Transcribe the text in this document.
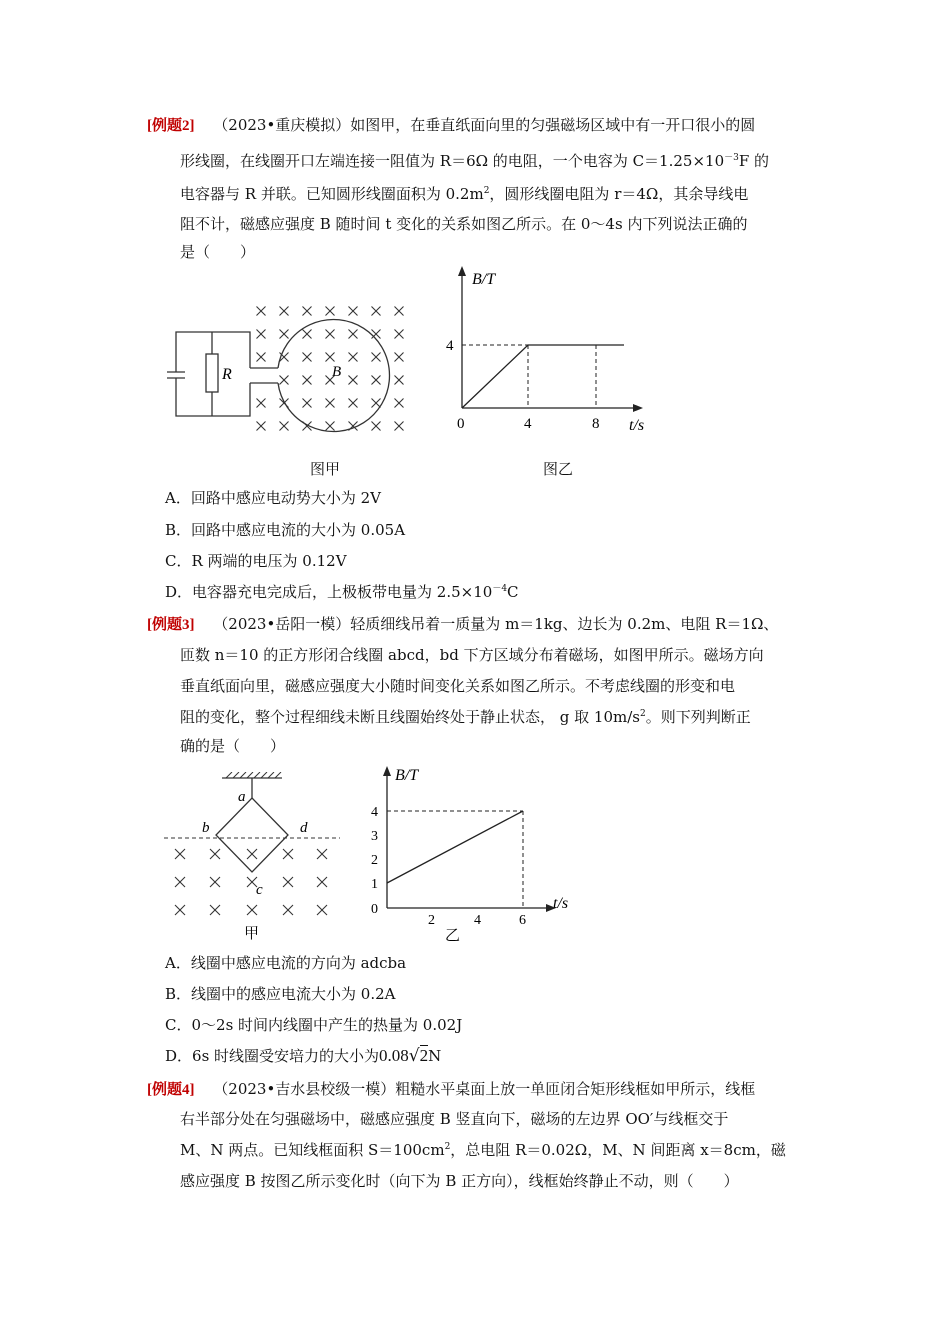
[例题2] （2023•重庆模拟）如图甲，在垂直纸面向里的匀强磁场区域中有一开口很小的圆
形线圈，在线圈开口左端连接一阻值为 R＝6Ω 的电阻，一个电容为 $C=1.25\times 10^{-3}F$ 的
电容器与 R 并联。已知圆形线圈面积为 $0.2m^2$，圆形线圈电阻为 r＝4Ω，其余导线电
阻不计，磁感应强度 B 随时间 t 变化的关系如图乙所示。在 0～4s 内下列说法正确的
是（　　）
R	B
图甲
B/T
t/s
4
0	4	8
图乙
A．回路中感应电动势大小为 2V
B．回路中感应电流的大小为 0.05A
C．R 两端的电压为 0.12V
D．电容器充电完成后，上极板带电量为 $2.5\times 10^{-4}C$
[例题3] （2023•岳阳一模）轻质细线吊着一质量为 m＝1kg、边长为 0.2m、电阻 R＝1Ω、
匝数 n＝10 的正方形闭合线圈 abcd，bd 下方区域分布着磁场，如图甲所示。磁场方向
垂直纸面向里，磁感应强度大小随时间变化关系如图乙所示。不考虑线圈的形变和电
阻的变化，整个过程细线未断且线圈始终处于静止状态， g 取 $10m/s^2$。则下列判断正
确的是（　　）
a
b	d
c
甲
B/T
t/s
4
3
2
1
0
2	4	6
乙
A．线圈中感应电流的方向为 adcba
B．线圈中的感应电流大小为 0.2A
C．0～2s 时间内线圈中产生的热量为 0.02J
D．6s 时线圈受安培力的大小为0.08√2N
[例题4] （2023•吉水县校级一模）粗糙水平桌面上放一单匝闭合矩形线框如甲所示，线框
右半部分处在匀强磁场中，磁感应强度 B 竖直向下，磁场的左边界 OO′与线框交于
M、N 两点。已知线框面积 $S=100cm^2$，总电阻 R＝0.02Ω，M、N 间距离 x＝8cm，磁
感应强度 B 按图乙所示变化时（向下为 B 正方向），线框始终静止不动，则（　　）
